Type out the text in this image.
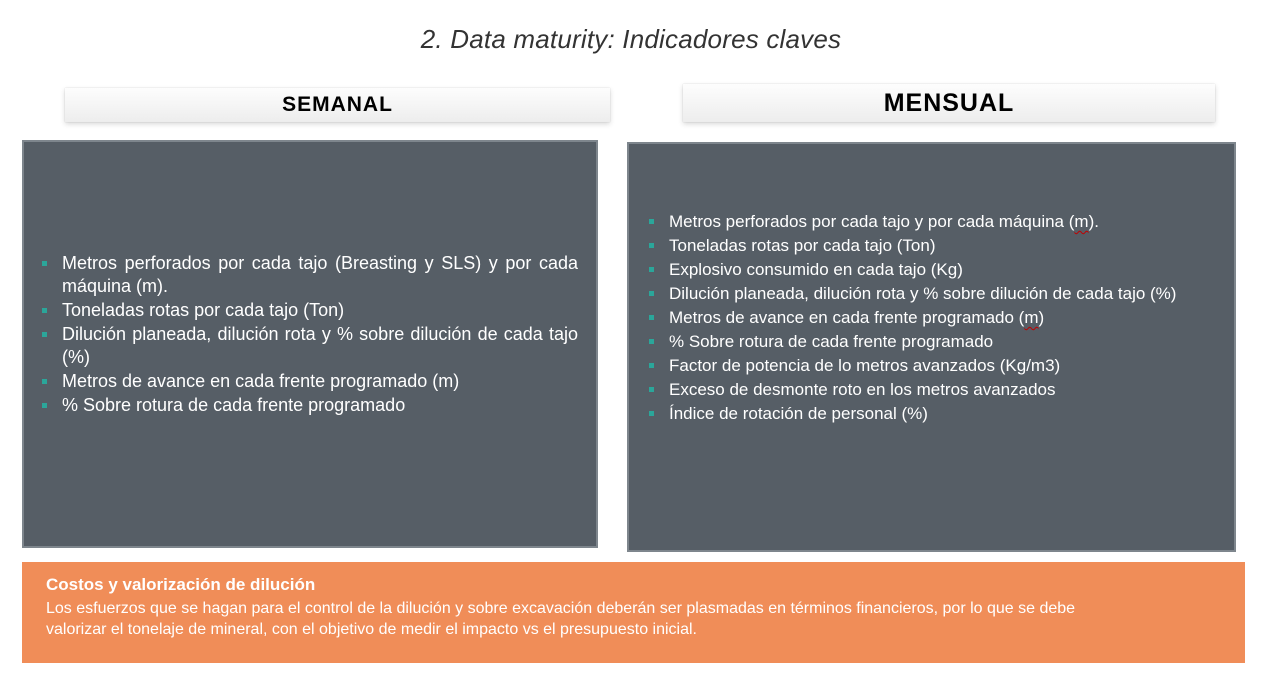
2. Data maturity: Indicadores claves
SEMANAL	MENSUAL
Metros perforados por cada tajo (Breasting y SLS) y por cada máquina (m).
Toneladas rotas por cada tajo (Ton)
Dilución planeada, dilución rota y % sobre dilución de cada tajo (%)
Metros de avance en cada frente programado (m)
% Sobre rotura de cada frente programado
Metros perforados por cada tajo y por cada máquina (m).
Toneladas rotas por cada tajo (Ton)
Explosivo consumido en cada tajo (Kg)
Dilución planeada, dilución rota y % sobre dilución de cada tajo (%)
Metros de avance en cada frente programado (m)
% Sobre rotura de cada frente programado
Factor de potencia de lo metros avanzados (Kg/m3)
Exceso de desmonte roto en los metros avanzados
Índice de rotación de personal (%)
Costos y valorización de dilución
Los esfuerzos que se hagan para el control de la dilución y sobre excavación deberán ser plasmadas en términos financieros, por lo que se debe valorizar el tonelaje de mineral, con el objetivo de medir el impacto vs el presupuesto inicial.
